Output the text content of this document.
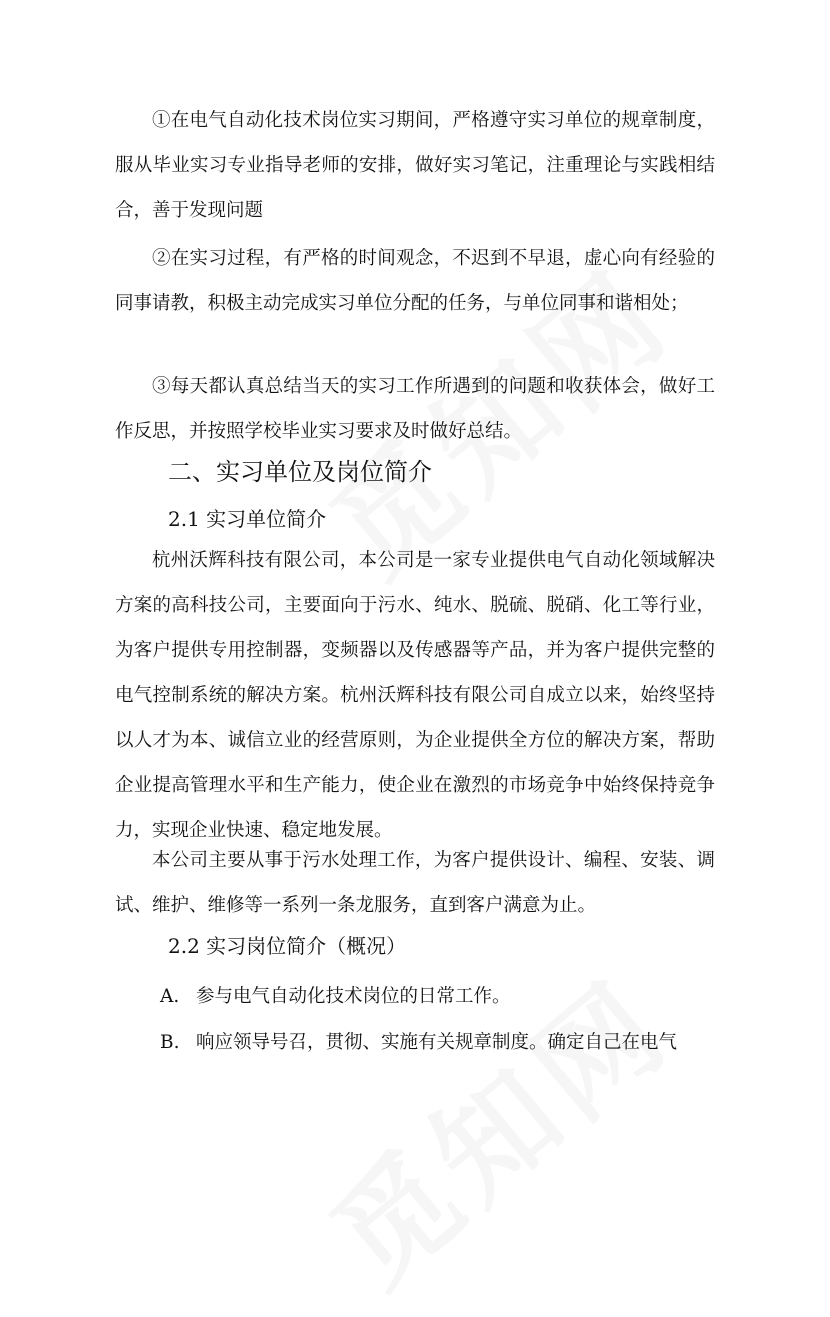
①在电气自动化技术岗位实习期间，严格遵守实习单位的规章制度，服从毕业实习专业指导老师的安排，做好实习笔记，注重理论与实践相结合，善于发现问题

②在实习过程，有严格的时间观念，不迟到不早退，虚心向有经验的同事请教，积极主动完成实习单位分配的任务，与单位同事和谐相处；

③每天都认真总结当天的实习工作所遇到的问题和收获体会，做好工作反思，并按照学校毕业实习要求及时做好总结。

二、实习单位及岗位简介
2.1 实习单位简介

杭州沃辉科技有限公司，本公司是一家专业提供电气自动化领域解决方案的高科技公司，主要面向于污水、纯水、脱硫、脱硝、化工等行业，为客户提供专用控制器，变频器以及传感器等产品，并为客户提供完整的电气控制系统的解决方案。杭州沃辉科技有限公司自成立以来，始终坚持以人才为本、诚信立业的经营原则，为企业提供全方位的解决方案，帮助企业提高管理水平和生产能力，使企业在激烈的市场竞争中始终保持竞争力，实现企业快速、稳定地发展。

本公司主要从事于污水处理工作，为客户提供设计、编程、安装、调试、维护、维修等一系列一条龙服务，直到客户满意为止。

2.2 实习岗位简介（概况）

A. 参与电气自动化技术岗位的日常工作。

B. 响应领导号召，贯彻、实施有关规章制度。确定自己在电气
